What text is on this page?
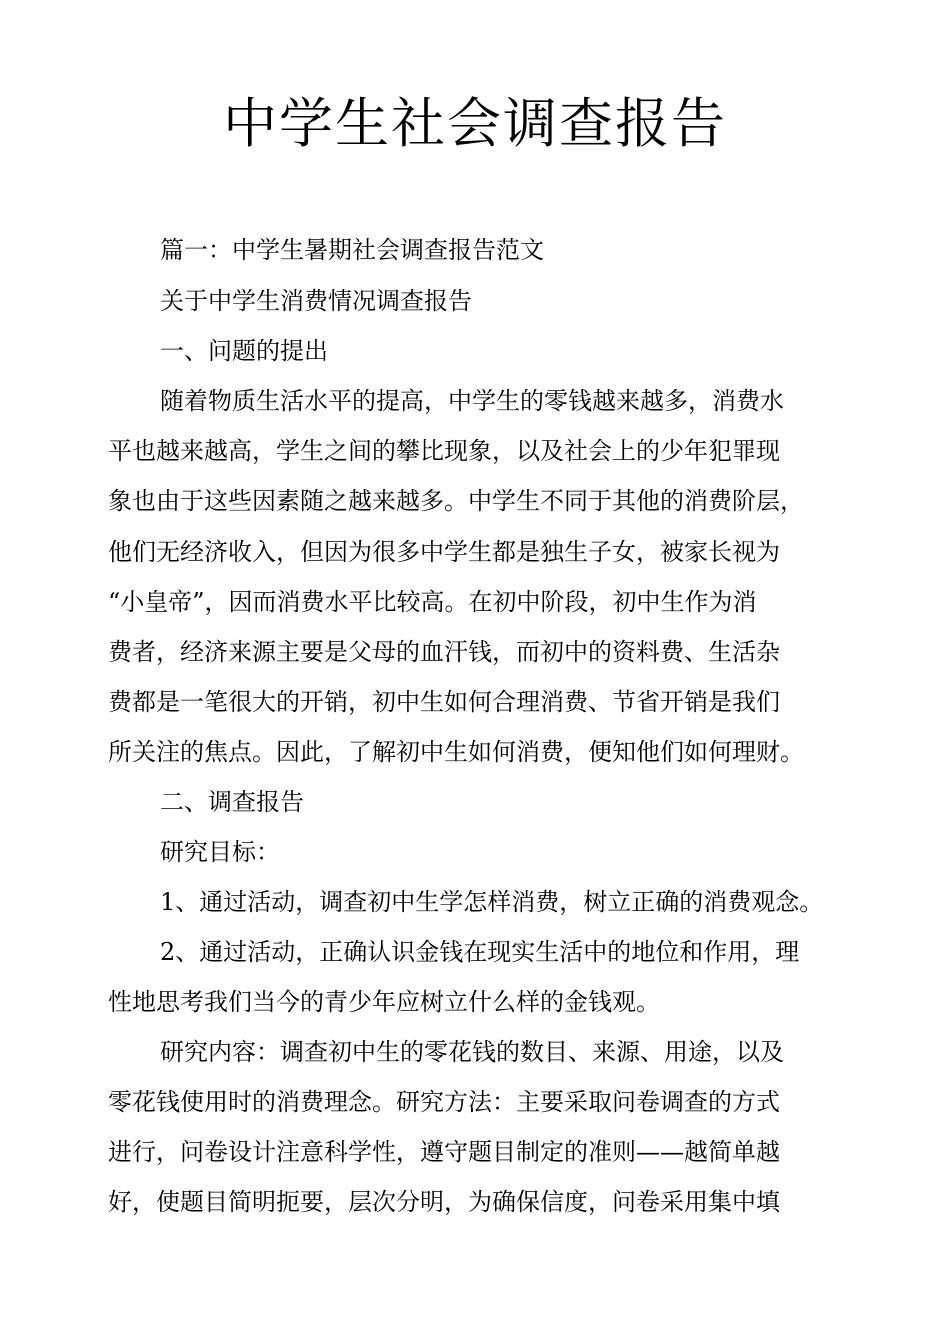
中学生社会调查报告
篇一：中学生暑期社会调查报告范文
关于中学生消费情况调查报告
一、问题的提出
随着物质生活水平的提高，中学生的零钱越来越多，消费水
平也越来越高，学生之间的攀比现象，以及社会上的少年犯罪现
象也由于这些因素随之越来越多。中学生不同于其他的消费阶层，
他们无经济收入，但因为很多中学生都是独生子女，被家长视为
“小皇帝”，因而消费水平比较高。在初中阶段，初中生作为消
费者，经济来源主要是父母的血汗钱，而初中的资料费、生活杂
费都是一笔很大的开销，初中生如何合理消费、节省开销是我们
所关注的焦点。因此，了解初中生如何消费，便知他们如何理财。
二、调查报告
研究目标：
1、通过活动，调查初中生学怎样消费，树立正确的消费观念。
2、通过活动，正确认识金钱在现实生活中的地位和作用，理
性地思考我们当今的青少年应树立什么样的金钱观。
研究内容：调查初中生的零花钱的数目、来源、用途，以及
零花钱使用时的消费理念。研究方法：主要采取问卷调查的方式
进行，问卷设计注意科学性，遵守题目制定的准则——越简单越
好，使题目简明扼要，层次分明，为确保信度，问卷采用集中填
